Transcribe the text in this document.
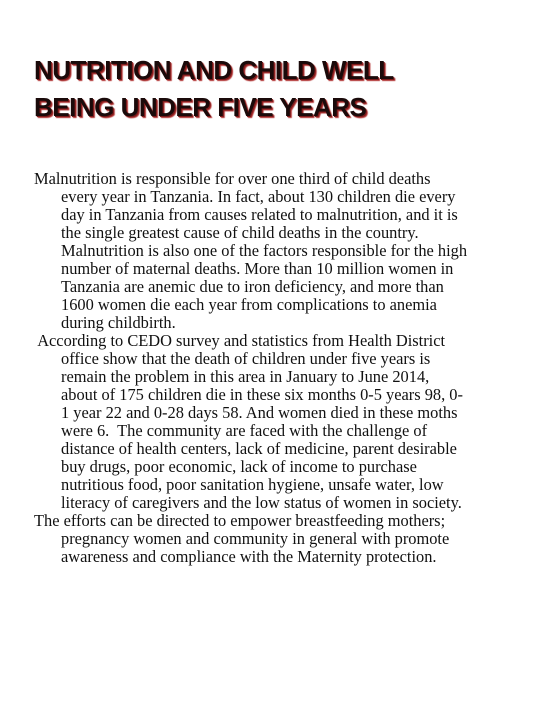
NUTRITION AND CHILD WELL
BEING UNDER FIVE YEARS

Malnutrition is responsible for over one third of child deaths
every year in Tanzania. In fact, about 130 children die every
day in Tanzania from causes related to malnutrition, and it is
the single greatest cause of child deaths in the country.
Malnutrition is also one of the factors responsible for the high
number of maternal deaths. More than 10 million women in
Tanzania are anemic due to iron deficiency, and more than
1600 women die each year from complications to anemia
during childbirth.

According to CEDO survey and statistics from Health District
office show that the death of children under five years is
remain the problem in this area in January to June 2014,
about of 175 children die in these six months 0-5 years 98, 0-
1 year 22 and 0-28 days 58. And women died in these moths
were 6.  The community are faced with the challenge of
distance of health centers, lack of medicine, parent desirable
buy drugs, poor economic, lack of income to purchase
nutritious food, poor sanitation hygiene, unsafe water, low
literacy of caregivers and the low status of women in society.

The efforts can be directed to empower breastfeeding mothers;
pregnancy women and community in general with promote
awareness and compliance with the Maternity protection.
